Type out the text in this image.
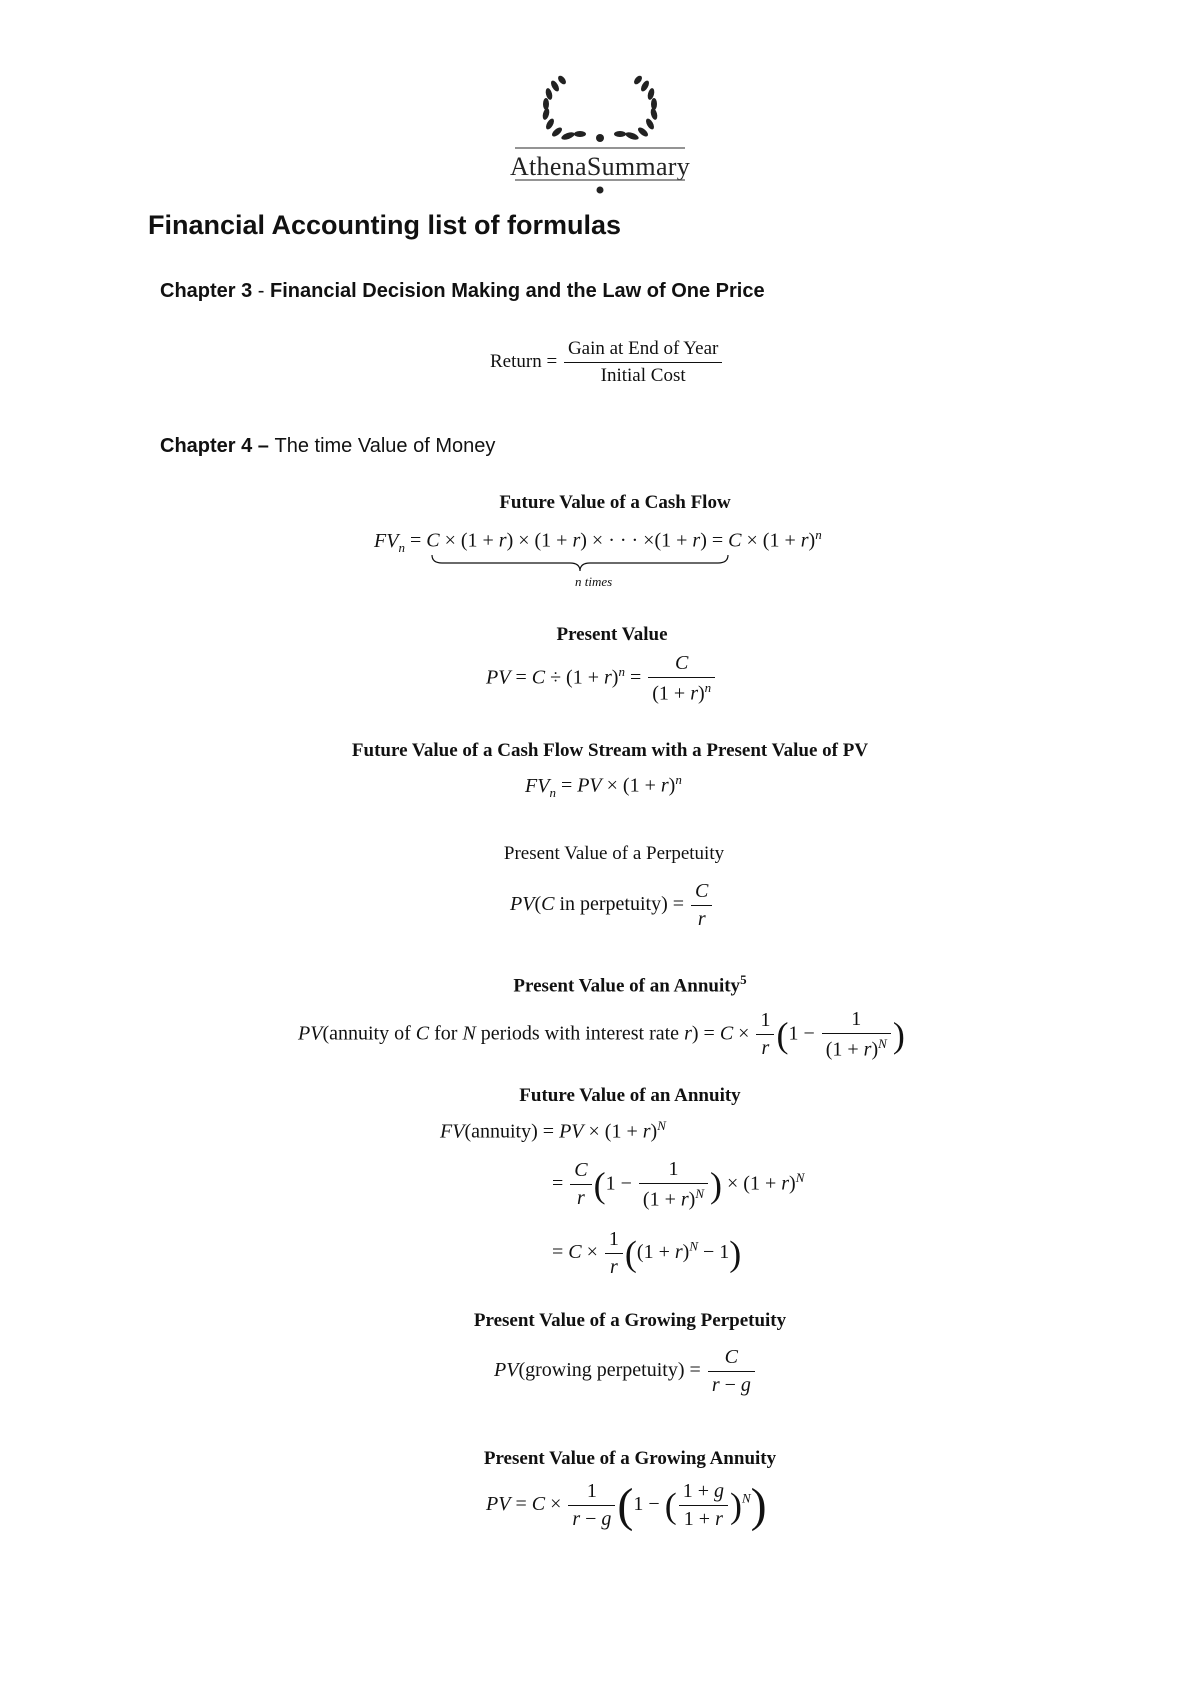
AthenaSummary
Financial Accounting list of formulas
Chapter 3 - Financial Decision Making and the Law of One Price
Return = $\frac{\text{Gain at End of Year}}{\text{Initial Cost}}$
Chapter 4 – The time Value of Money
Future Value of a Cash Flow
$FV_n = C \times (1 + r) \times (1 + r)$ × · · · $\times(1 + r) = C \times (1 + r)^n$
n times
Present Value
PV = $C \div (1 + r)^n = \frac{C}{(1 + r)^n}$
Future Value of a Cash Flow Stream with a Present Value of PV
$FV_n$ = PV × $(1 + r)^n$
Present Value of a Perpetuity
PV(C in perpetuity) = $\frac{C}{r}$
Present Value of an Annuity$^5$
PV(annuity of C for N periods with interest rate $r) = C \times \frac{1}{r} (1 - \frac{1}{(1 + r)^N}$ )
Future Value of an Annuity
FV(annuity) = PV × $(1 + r)^N$
= $\frac{C}{r} (1 - \frac{1}{(1 + r)^N}$ ) × $(1 + r)^N$
= $C \times \frac{1}{r} ((1 + r)^N - 1)$
Present Value of a Growing Perpetuity
PV(growing perpetuity) = $\frac{C}{r - g}$
Present Value of a Growing Annuity
PV = $C \times \frac{1}{r - g} (1$ − ( $\frac{1 + g}{1 + r} )^N$)
